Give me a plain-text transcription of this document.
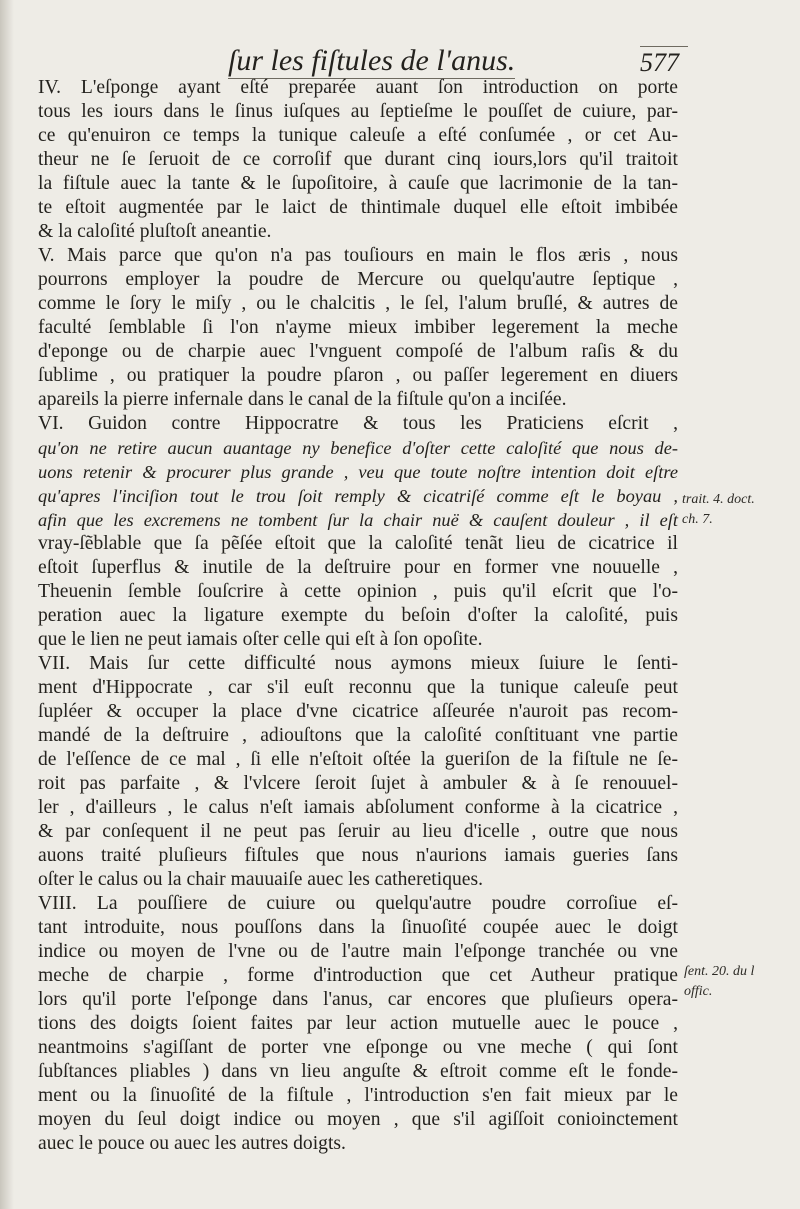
ſur les fiſtules de l'anus.	577
IV. L'eſponge ayant eſté preparée auant ſon introduction on porte
tous les iours dans le ſinus iuſques au ſeptieſme le pouſſet de cuiure, par-
ce qu'enuiron ce temps la tunique caleuſe a eſté conſumée , or cet Au-
theur ne ſe ſeruoit de ce corroſif que durant cinq iours,lors qu'il traitoit
la fiſtule auec la tante & le ſupoſitoire, à cauſe que lacrimonie de la tan-
te eſtoit augmentée par le laict de thintimale duquel elle eſtoit imbibée
& la caloſité pluſtoſt aneantie.
V. Mais parce que qu'on n'a pas touſiours en main le flos æris , nous
pourrons employer la poudre de Mercure ou quelqu'autre ſeptique ,
comme le ſory le miſy , ou le chalcitis , le ſel, l'alum bruſlé, & autres de
faculté ſemblable ſi l'on n'ayme mieux imbiber legerement la meche
d'eponge ou de charpie auec l'vnguent compoſé de l'album raſis & du
ſublime , ou pratiquer la poudre pſaron , ou paſſer legerement en diuers
apareils la pierre infernale dans le canal de la fiſtule qu'on a inciſée.
VI. Guidon contre Hippocratre & tous les Praticiens eſcrit ,
qu'on ne retire aucun auantage ny benefice d'oſter cette caloſité que nous de-
uons retenir & procurer plus grande , veu que toute noſtre intention doit eſtre
qu'apres l'inciſion tout le trou ſoit remply & cicatriſé comme eſt le boyau ,
afin que les excremens ne tombent ſur la chair nuë & cauſent douleur , il eſt
vray-ſẽblable que ſa pẽſée eſtoit que la caloſité tenãt lieu de cicatrice il
eſtoit ſuperflus & inutile de la deſtruire pour en former vne nouuelle ,
Theuenin ſemble ſouſcrire à cette opinion , puis qu'il eſcrit que l'o-
peration auec la ligature exempte du beſoin d'oſter la caloſité, puis
que le lien ne peut iamais oſter celle qui eſt à ſon opoſite.
VII. Mais ſur cette difficulté nous aymons mieux ſuiure le ſenti-
ment d'Hippocrate , car s'il euſt reconnu que la tunique caleuſe peut
ſupléer & occuper la place d'vne cicatrice aſſeurée n'auroit pas recom-
mandé de la deſtruire , adiouſtons que la caloſité conſtituant vne partie
de l'eſſence de ce mal , ſi elle n'eſtoit oſtée la gueriſon de la fiſtule ne ſe-
roit pas parfaite , & l'vlcere ſeroit ſujet à ambuler & à ſe renouuel-
ler , d'ailleurs , le calus n'eſt iamais abſolument conforme à la cicatrice ,
& par conſequent il ne peut pas ſeruir au lieu d'icelle , outre que nous
auons traité pluſieurs fiſtules que nous n'aurions iamais gueries ſans
oſter le calus ou la chair mauuaiſe auec les catheretiques.
VIII. La pouſſiere de cuiure ou quelqu'autre poudre corroſiue eſ-
tant introduite, nous pouſſons dans la ſinuoſité coupée auec le doigt
indice ou moyen de l'vne ou de l'autre main l'eſponge tranchée ou vne
meche de charpie , forme d'introduction que cet Autheur pratique
lors qu'il porte l'eſponge dans l'anus, car encores que pluſieurs opera-
tions des doigts ſoient faites par leur action mutuelle auec le pouce ,
neantmoins s'agiſſant de porter vne eſponge ou vne meche ( qui ſont
ſubſtances pliables ) dans vn lieu anguſte & eſtroit comme eſt le fonde-
ment ou la ſinuoſité de la fiſtule , l'introduction s'en fait mieux par le
moyen du ſeul doigt indice ou moyen , que s'il agiſſoit conioinctement
auec le pouce ou auec les autres doigts.
trait. 4. doct.
ch. 7.
ſent. 20. du l
offic.
